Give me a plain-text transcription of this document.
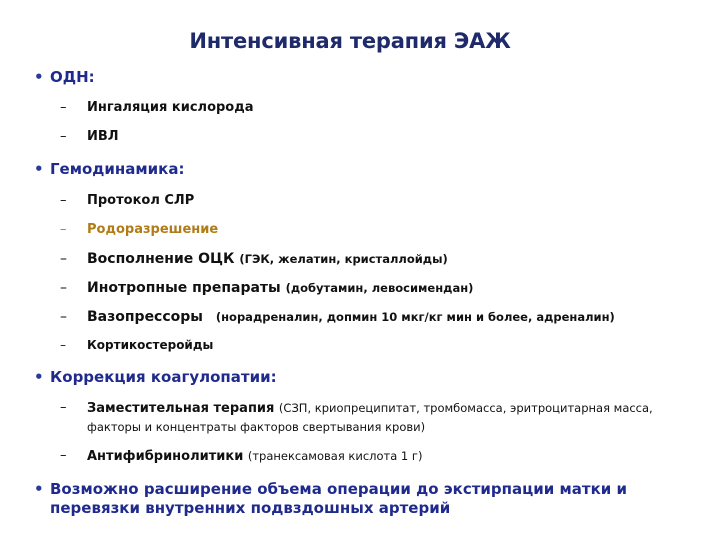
Интенсивная терапия ЭАЖ
• ОДН:
– Ингаляция кислорода
– ИВЛ
• Гемодинамика:
– Протокол СЛР
– Родоразрешение
– Восполнение ОЦК (ГЭК, желатин, кристаллойды)
– Инотропные препараты (добутамин, левосимендан)
– Вазопрессоры (норадреналин, допмин 10 мкг/кг мин и более, адреналин)
– Кортикостеройды
• Коррекция коагулопатии:
– Заместительная терапия (СЗП, криопреципитат, тромбомасса, эритроцитарная масса, факторы и концентраты факторов свертывания крови)
– Антифибринолитики (транексамовая кислота 1 г)
• Возможно расширение объема операции до экстирпации матки и перевязки внутренних подвздошных артерий
